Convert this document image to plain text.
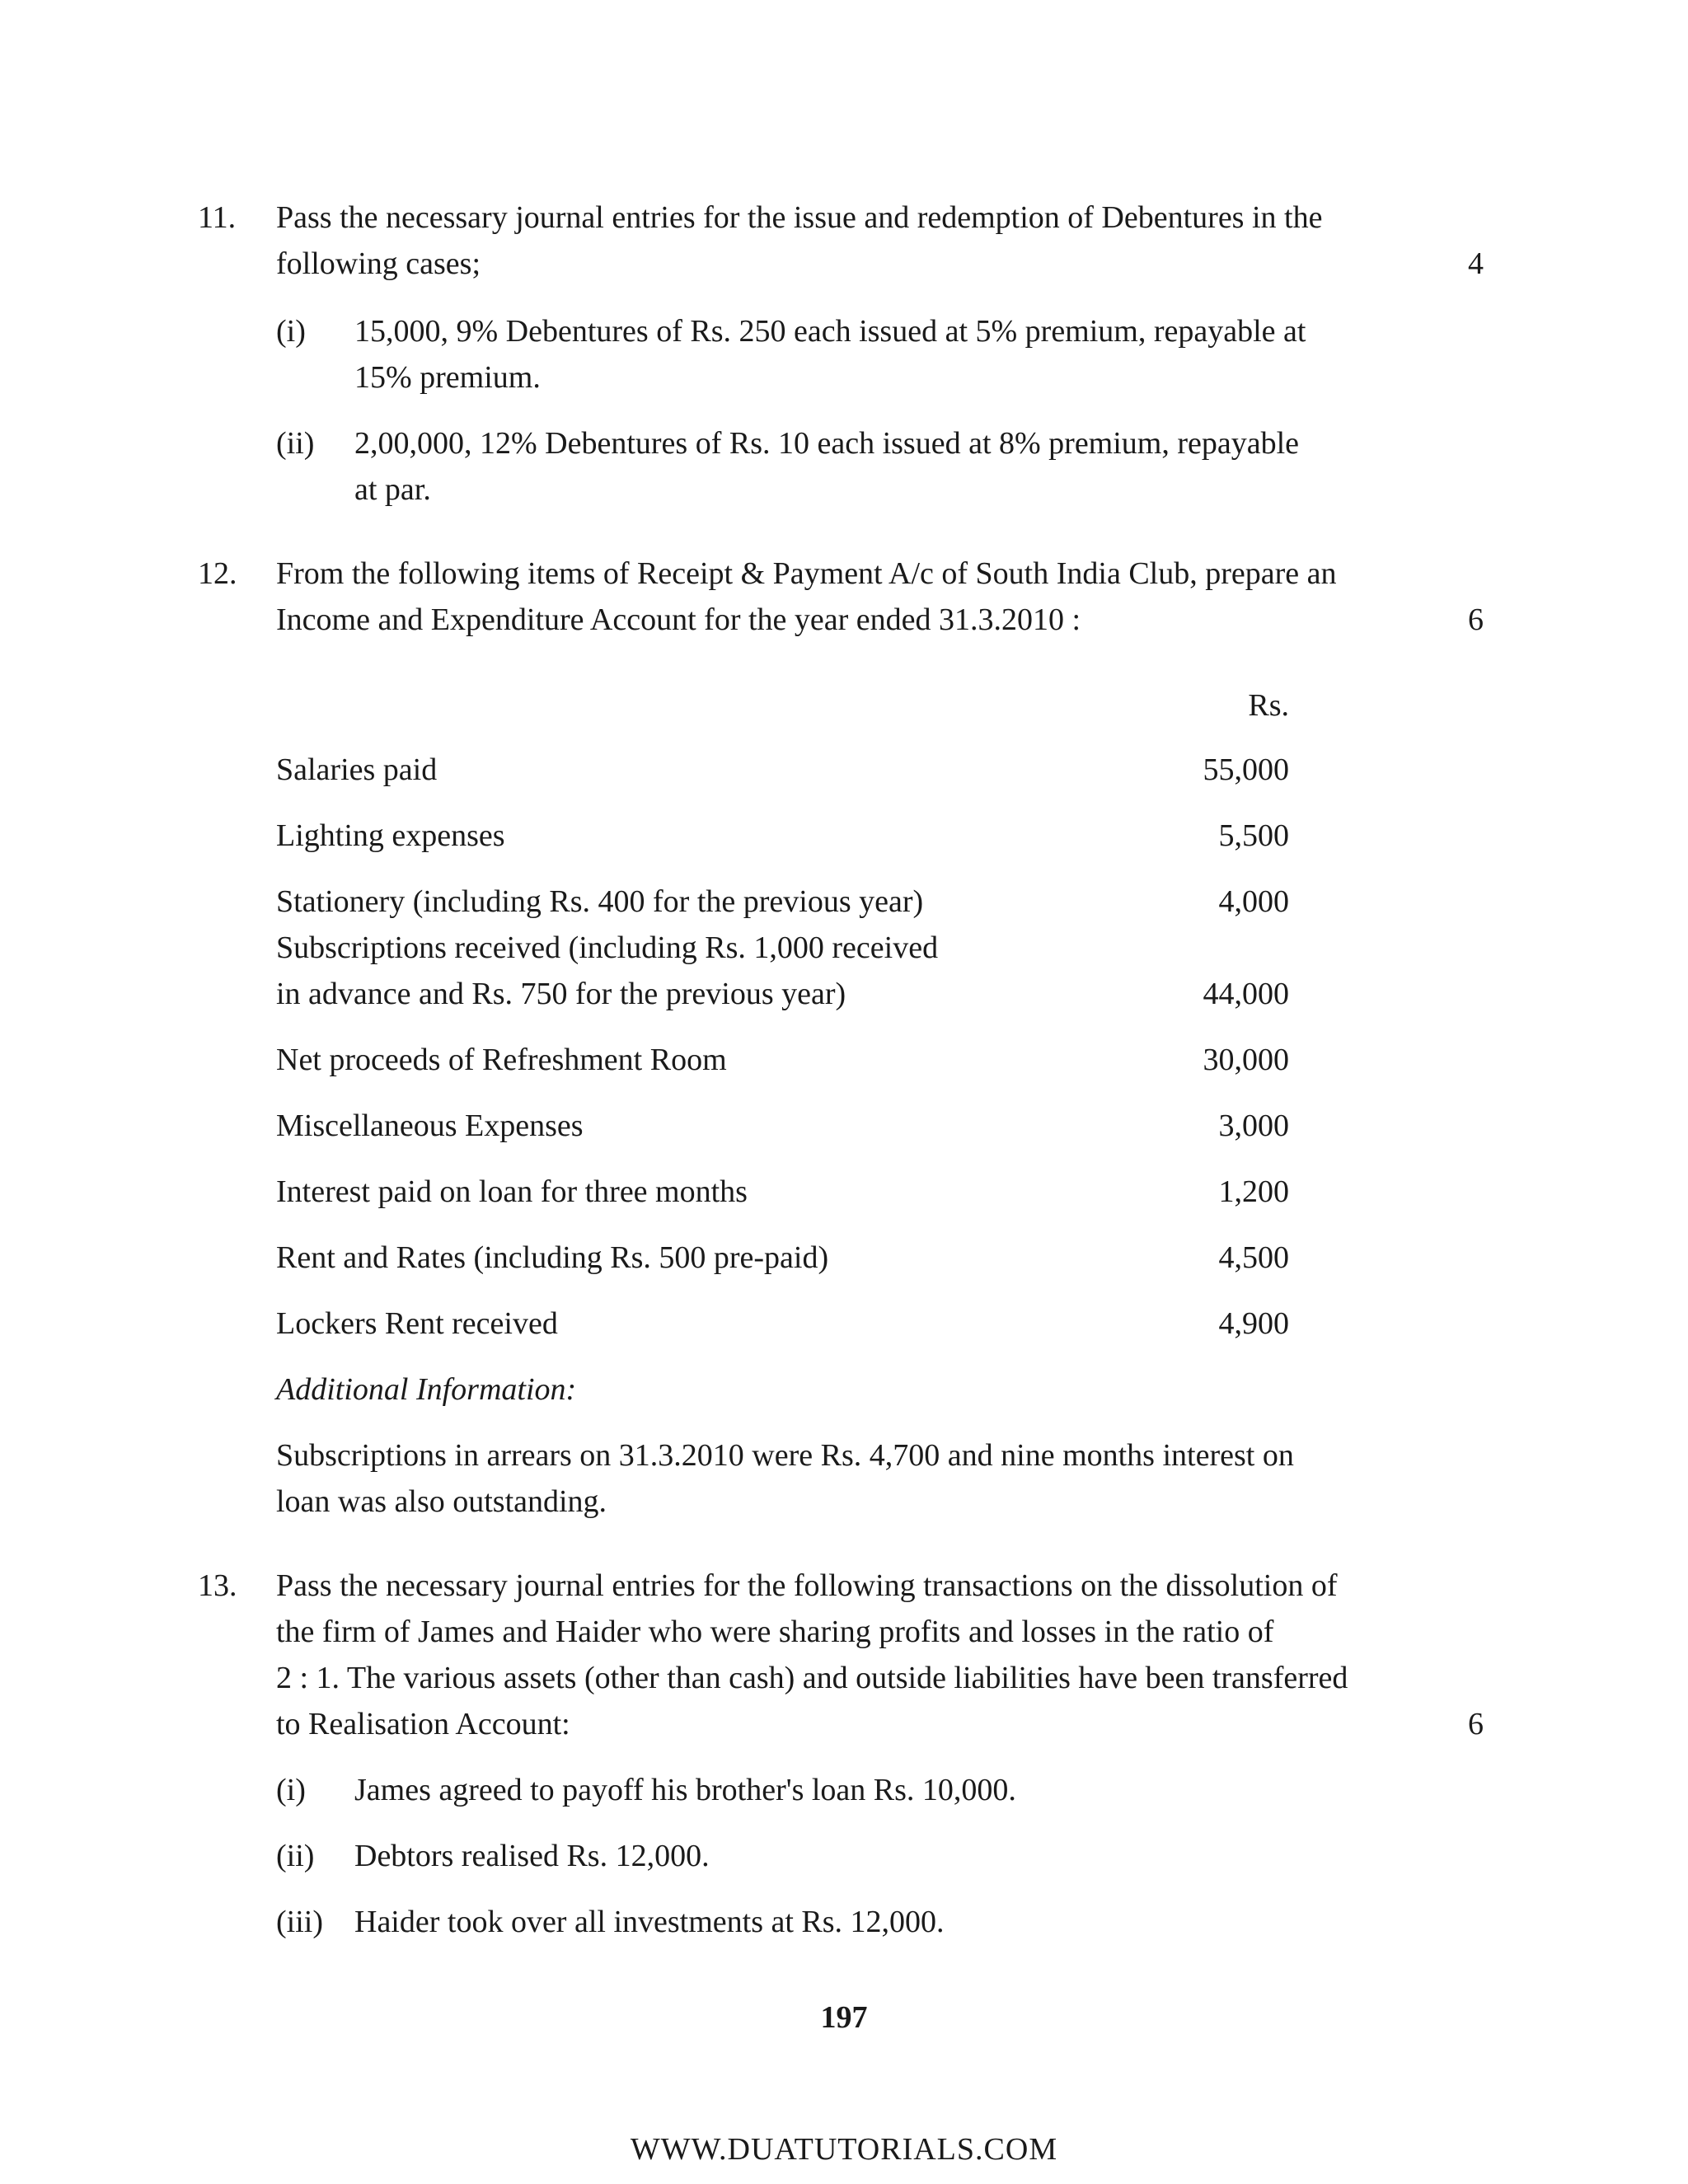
11. Pass the necessary journal entries for the issue and redemption of Debentures in the
following cases;	4
(i) 15,000, 9% Debentures of Rs. 250 each issued at 5% premium, repayable at
15% premium.
(ii) 2,00,000, 12% Debentures of Rs. 10 each issued at 8% premium, repayable
at par.
12. From the following items of Receipt & Payment A/c of South India Club, prepare an
Income and Expenditure Account for the year ended 31.3.2010 :	6
Rs.
Salaries paid	55,000
Lighting expenses	5,500
Stationery (including Rs. 400 for the previous year)	4,000
Subscriptions received (including Rs. 1,000 received
in advance and Rs. 750 for the previous year)	44,000
Net proceeds of Refreshment Room	30,000
Miscellaneous Expenses	3,000
Interest paid on loan for three months	1,200
Rent and Rates (including Rs. 500 pre-paid)	4,500
Lockers Rent received	4,900
Additional Information:
Subscriptions in arrears on 31.3.2010 were Rs. 4,700 and nine months interest on
loan was also outstanding.
13. Pass the necessary journal entries for the following transactions on the dissolution of
the firm of James and Haider who were sharing profits and losses in the ratio of
2 : 1. The various assets (other than cash) and outside liabilities have been transferred
to Realisation Account:	6
(i) James agreed to payoff his brother's loan Rs. 10,000.
(ii) Debtors realised Rs. 12,000.
(iii) Haider took over all investments at Rs. 12,000.
197
WWW.DUATUTORIALS.COM
